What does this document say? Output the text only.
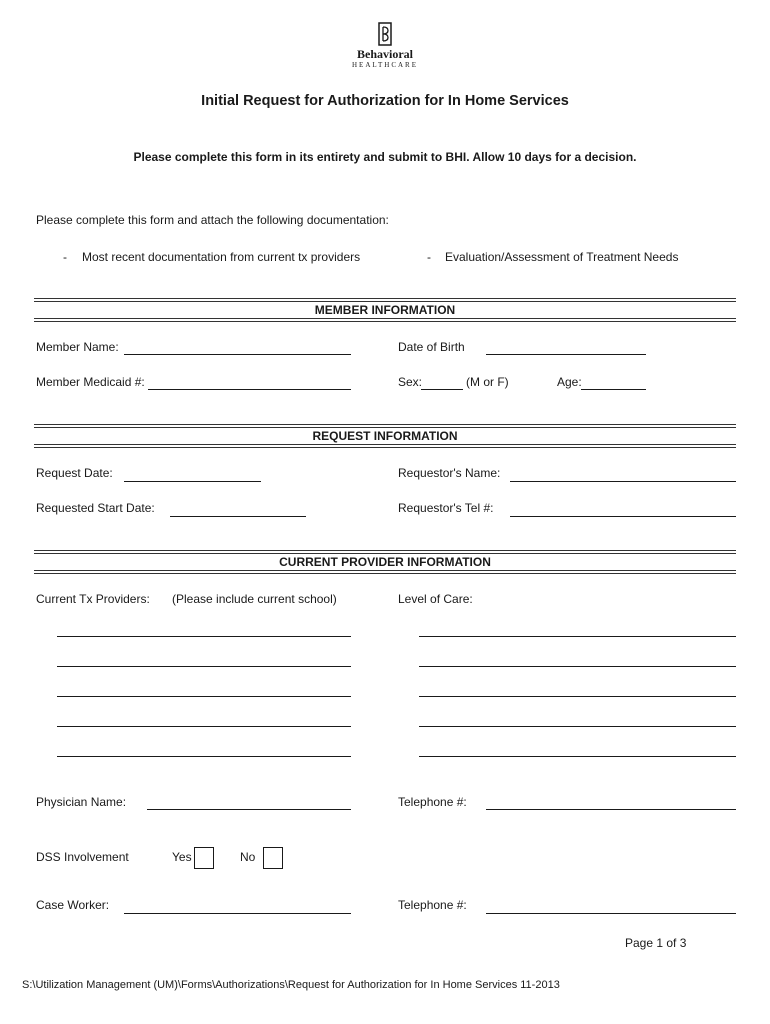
Behavioral
HEALTHCARE
Initial Request for Authorization for In Home Services
Please complete this form in its entirety and submit to BHI. Allow 10 days for a decision.
Please complete this form and attach the following documentation:
- Most recent documentation from current tx providers	- Evaluation/Assessment of Treatment Needs
MEMBER INFORMATION
Member Name:	Date of Birth
Member Medicaid #:	Sex:	(M or F)	Age:
REQUEST INFORMATION
Request Date:	Requestor's Name:
Requested Start Date:	Requestor's Tel #:
CURRENT PROVIDER INFORMATION
Current Tx Providers: (Please include current school)	Level of Care:
Physician Name:	Telephone #:
DSS Involvement	Yes	No
Case Worker:	Telephone #:
Page 1 of 3
S:\Utilization Management (UM)\Forms\Authorizations\Request for Authorization for In Home Services 11-2013
